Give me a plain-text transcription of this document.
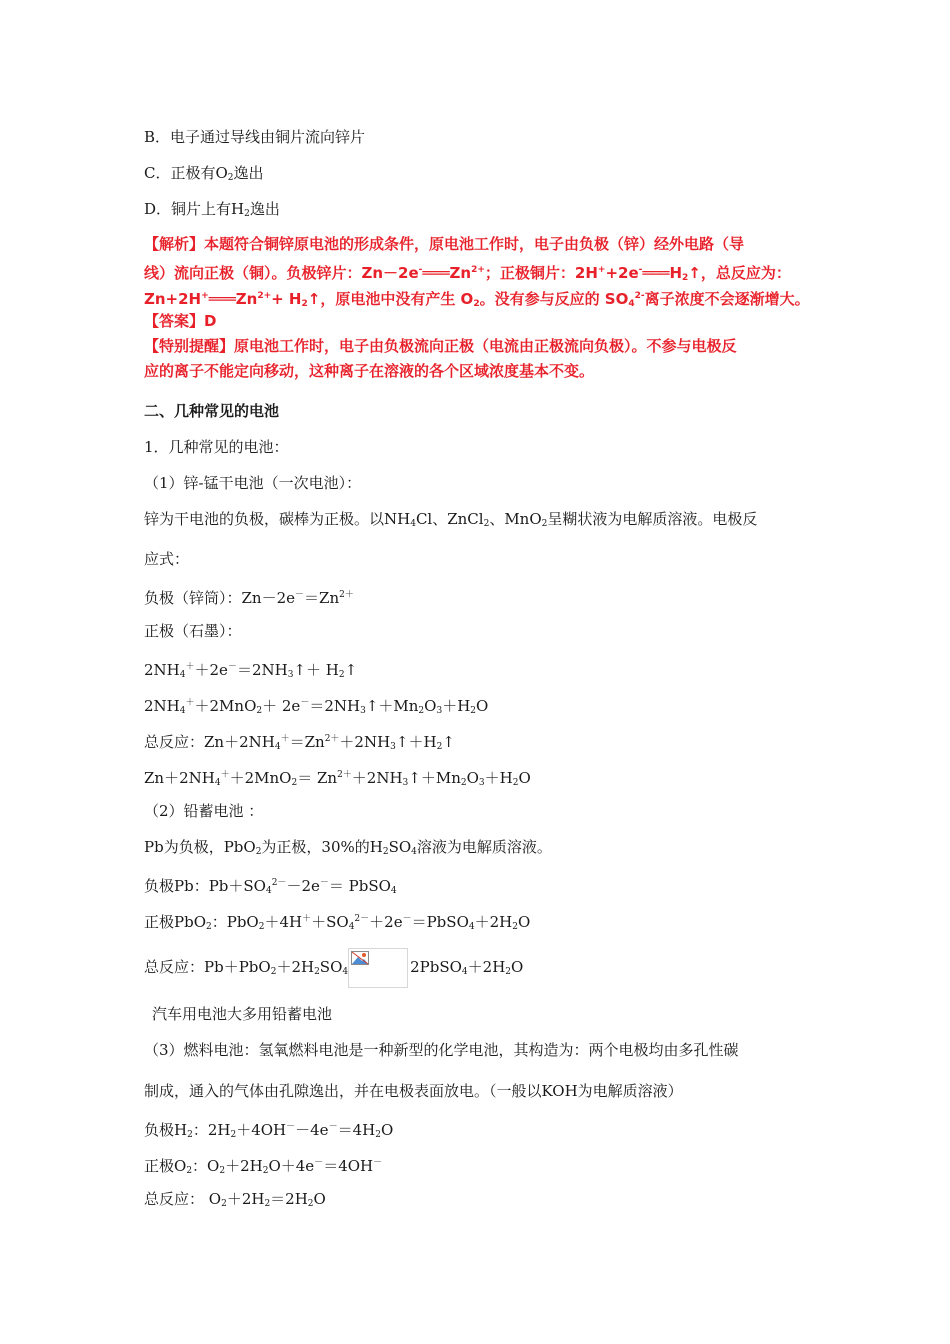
B．电子通过导线由铜片流向锌片
C．正极有$O_2$逸出
D．铜片上有$H_2$逸出
【解析】本题符合铜锌原电池的形成条件，原电池工作时，电子由负极（锌）经外电路（导
线）流向正极（铜）。负极锌片：$Zn-2e^-═══Zn^{2+}$；正极铜片：$2H^++2e^-═══H_2↑$，总反应为：
$Zn+2H^+═══Zn^{2+}+$ $H_2↑$，原电池中没有产生 $O_2$。没有参与反应的 $SO_4^{2-}$离子浓度不会逐渐增大。
【答案】D
【特别提醒】原电池工作时，电子由负极流向正极（电流由正极流向负极）。不参与电极反
应的离子不能定向移动，这种离子在溶液的各个区域浓度基本不变。
二、几种常见的电池
1．几种常见的电池：
（1）锌-锰干电池（一次电池）：
锌为干电池的负极，碳棒为正极。以$NH_4Cl$、ZnCl$_2$、MnO$_2$呈糊状液为电解质溶液。电极反
应式：
负极（锌筒）：$Zn-2e^-=Zn^{2+}$
正极（石墨）：
$2NH_4^++2e^-=2NH_3↑+$ $H_2↑$
$2NH_4^++2MnO_2+$ $2e^-=2NH_3↑+Mn_2O_3+H_2O$
总反应：$Zn+2NH_4^+=Zn^{2+}+2NH_3↑+H_2↑$
$Zn+2NH_4^++2MnO_2=$ $Zn^{2+}+2NH_3↑+Mn_2O_3+H_2O$
（2）铅蓄电池 ：
Pb为负极，PbO$_2$为正极，30%的$H_2SO_4$溶液为电解质溶液。
负极Pb：$Pb+SO_4^{2-}-2e^-=$ PbSO$_4$
正极PbO$_2$：$PbO_2+4H^++SO_4^{2-}+2e^-=PbSO_4+2H_2O$
总反应：$Pb+PbO_2+2H_2SO_4$	$2PbSO_4+2H_2O$
汽车用电池大多用铅蓄电池
（3）燃料电池：氢氧燃料电池是一种新型的化学电池，其构造为：两个电极均由多孔性碳
制成，通入的气体由孔隙逸出，并在电极表面放电。（一般以KOH为电解质溶液）
负极$H_2$：$2H_2+4OH^--4e^-=4H_2O$
正极$O_2$：$O_2+2H_2O+4e^-=4OH^-$
总反应： $O_2+2H_2=2H_2O$
